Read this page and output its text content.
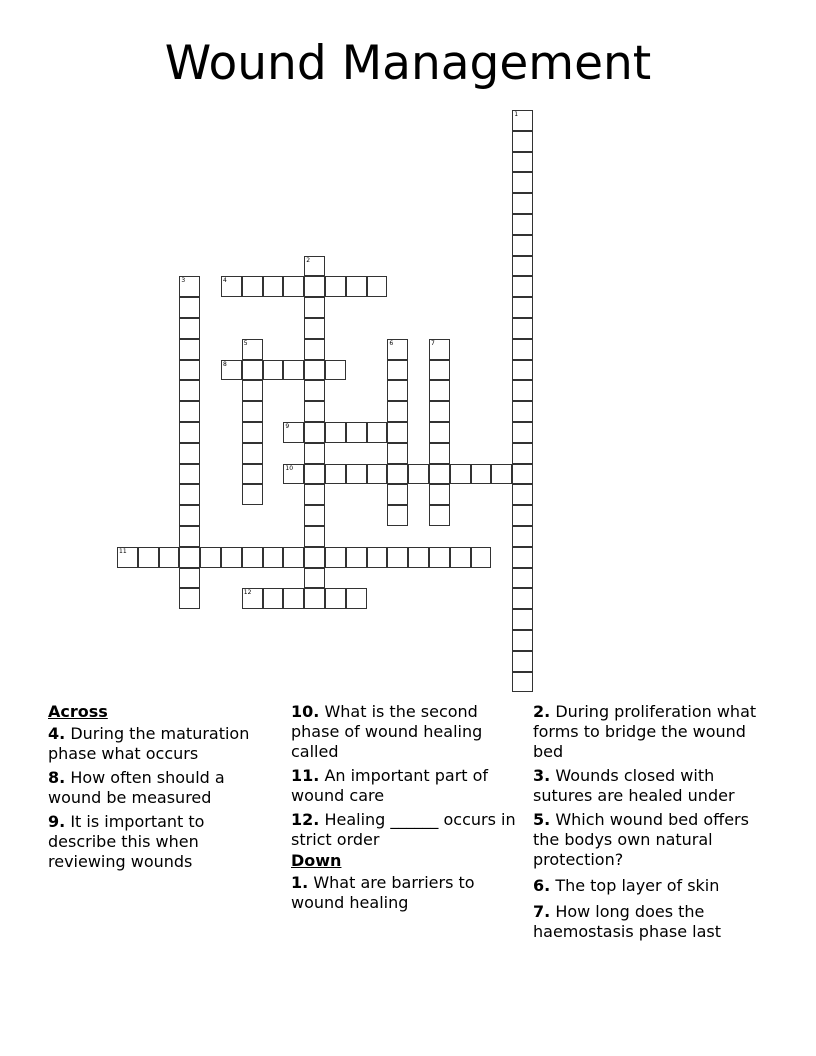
Wound Management
1
2
3	4
5	6	7
8
9
10
11
12
Across
4. During the maturation phase what occurs
8. How often should a wound be measured
9. It is important to describe this when reviewing wounds
10. What is the second phase of wound healing called
11. An important part of wound care
12. Healing ______ occurs in strict order
Down
1. What are barriers to wound healing
2. During proliferation what forms to bridge the wound bed
3. Wounds closed with sutures are healed under
5. Which wound bed offers the bodys own natural protection?
6. The top layer of skin
7. How long does the haemostasis phase last
